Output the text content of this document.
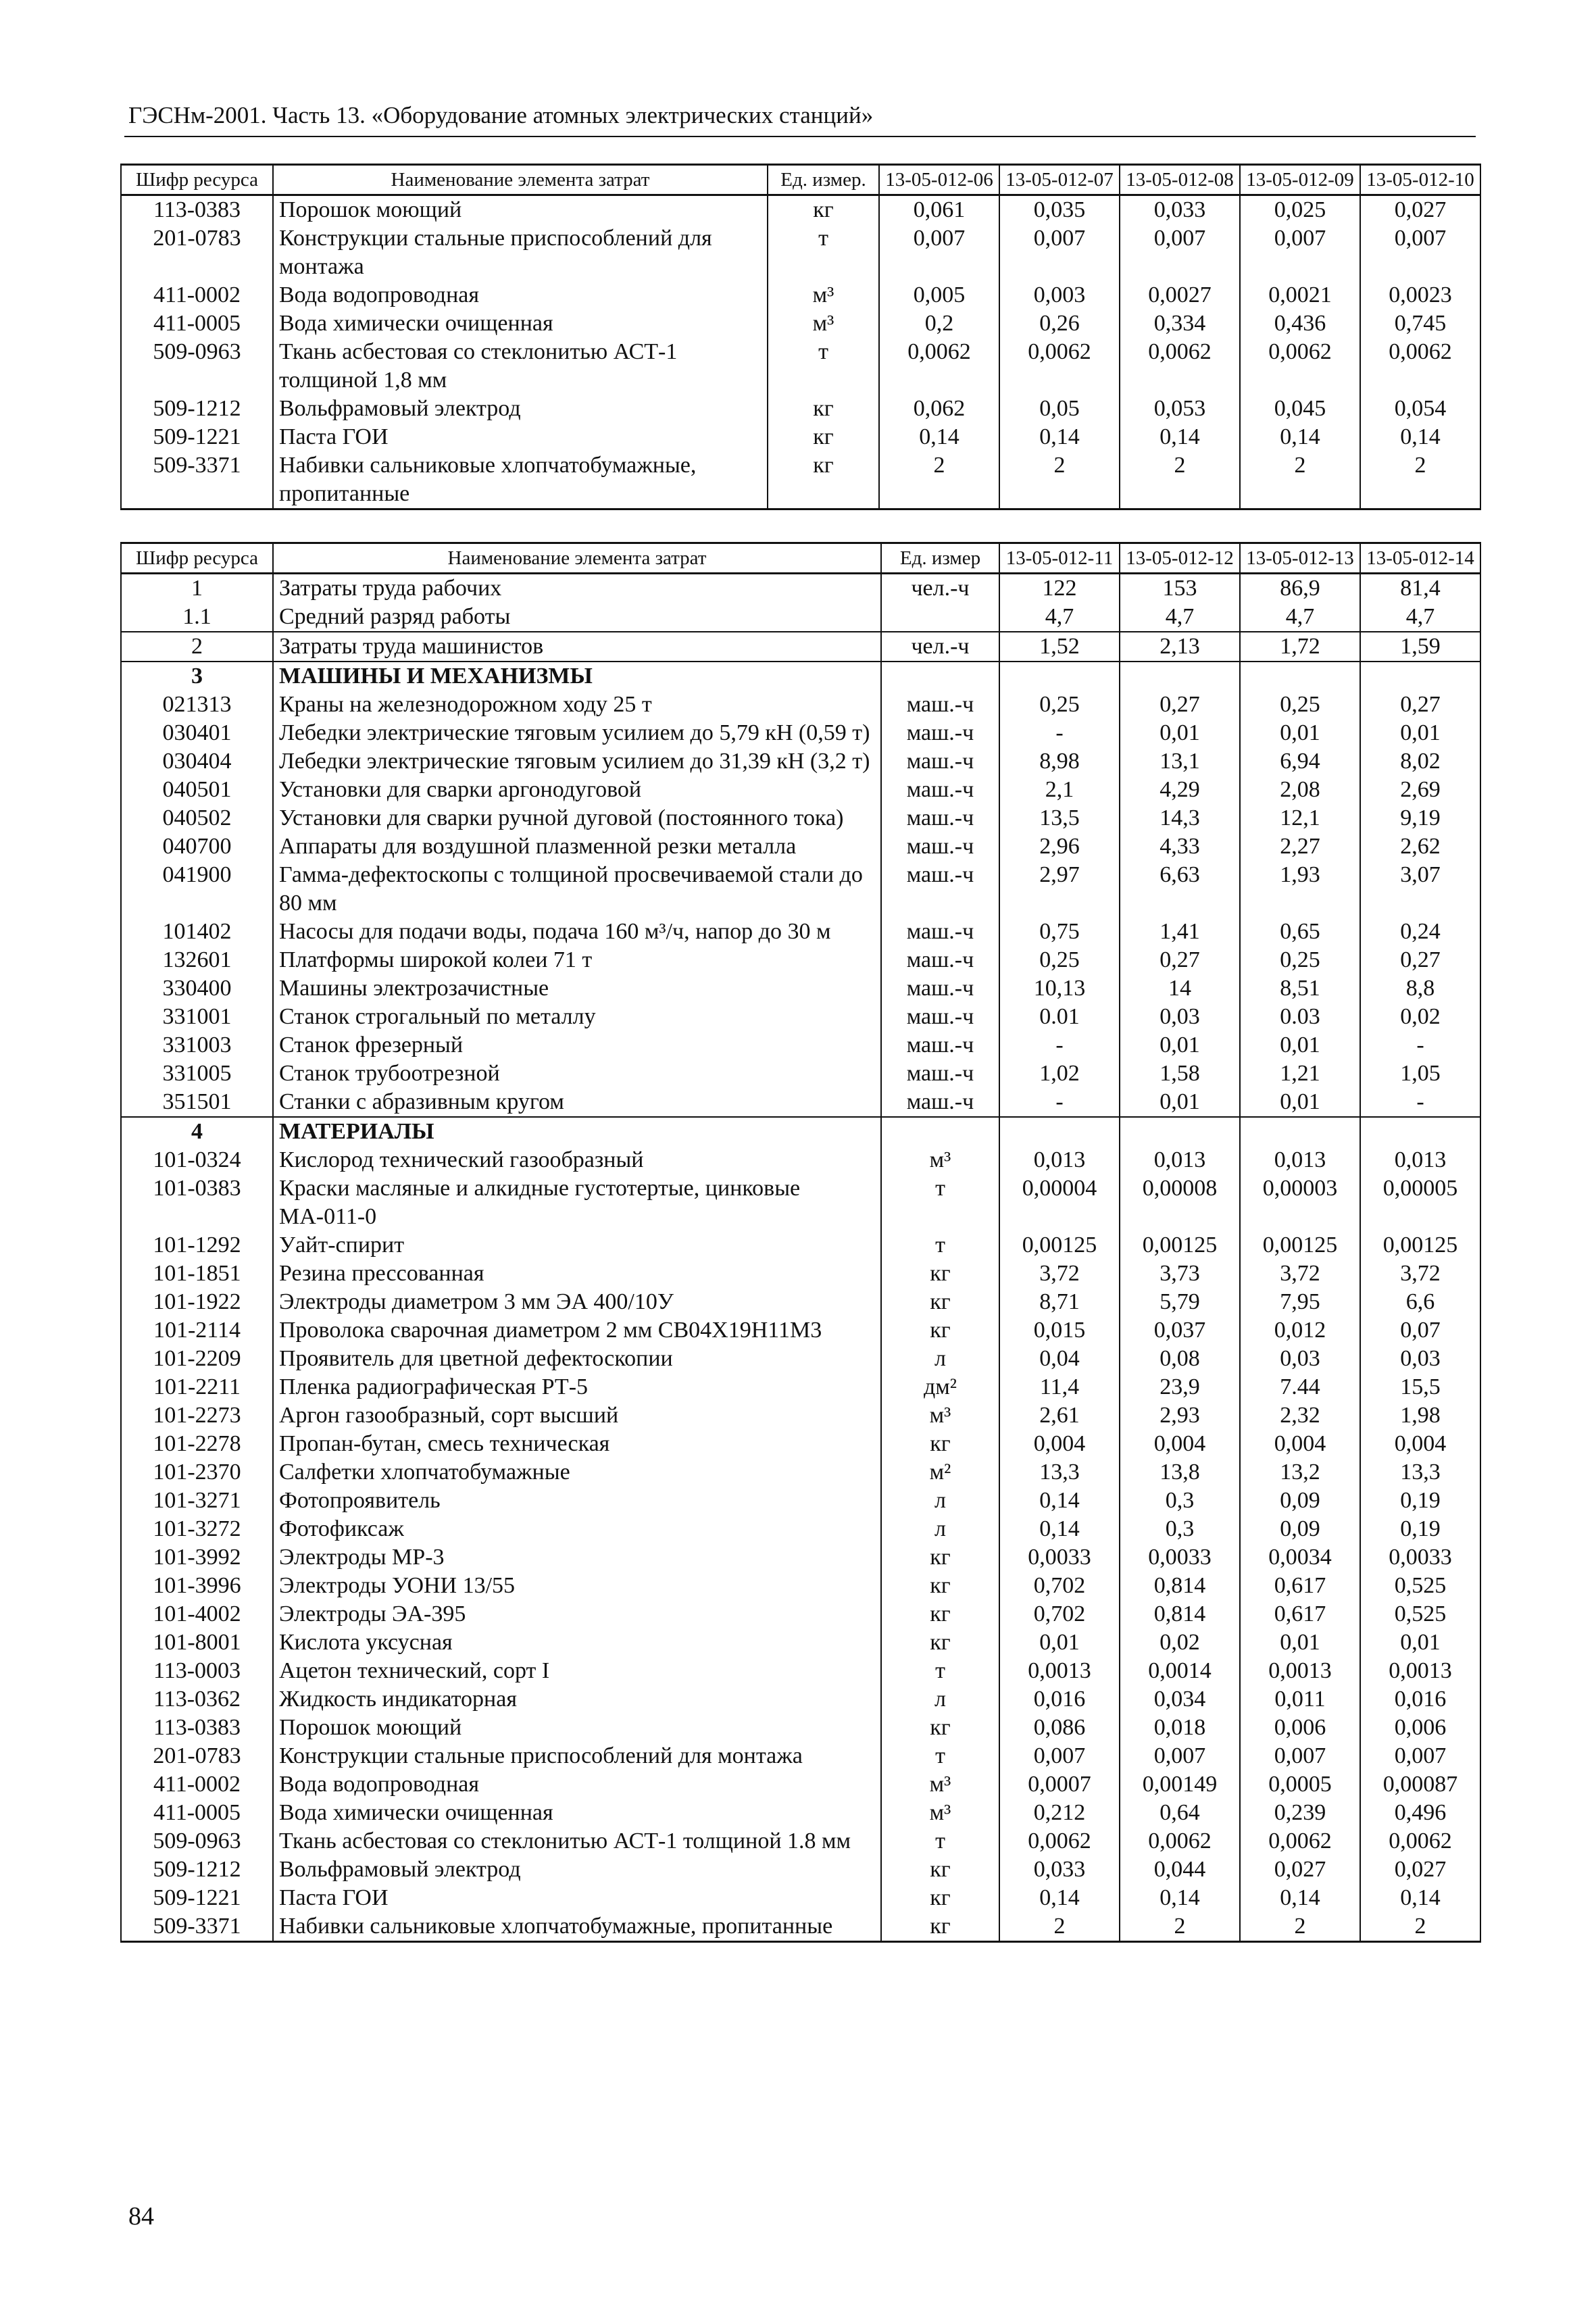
ГЭСНм-2001. Часть 13. «Оборудование атомных электрических станций»
Шифр ресурса	Наименование элемента затрат	Ед. измер.	13-05-012-06	13-05-012-07	13-05-012-08	13-05-012-09	13-05-012-10
113-0383	Порошок моющий	кг	0,061	0,035	0,033	0,025	0,027
201-0783	Конструкции стальные приспособлений для монтажа	т	0,007	0,007	0,007	0,007	0,007
411-0002	Вода водопроводная	м³	0,005	0,003	0,0027	0,0021	0,0023
411-0005	Вода химически очищенная	м³	0,2	0,26	0,334	0,436	0,745
509-0963	Ткань асбестовая со стеклонитью АСТ-1 толщиной 1,8 мм	т	0,0062	0,0062	0,0062	0,0062	0,0062
509-1212	Вольфрамовый электрод	кг	0,062	0,05	0,053	0,045	0,054
509-1221	Паста ГОИ	кг	0,14	0,14	0,14	0,14	0,14
509-3371	Набивки сальниковые хлопчатобумажные, пропитанные	кг	2	2	2	2	2
Шифр ресурса	Наименование элемента затрат	Ед. измер	13-05-012-11	13-05-012-12	13-05-012-13	13-05-012-14
1	Затраты труда рабочих	чел.-ч	122	153	86,9	81,4
1.1	Средний разряд работы		4,7	4,7	4,7	4,7
2	Затраты труда машинистов	чел.-ч	1,52	2,13	1,72	1,59
3	МАШИНЫ И МЕХАНИЗМЫ					
021313	Краны на железнодорожном ходу 25 т	маш.-ч	0,25	0,27	0,25	0,27
030401	Лебедки электрические тяговым усилием до 5,79 кН (0,59 т)	маш.-ч	-	0,01	0,01	0,01
030404	Лебедки электрические тяговым усилием до 31,39 кН (3,2 т)	маш.-ч	8,98	13,1	6,94	8,02
040501	Установки для сварки аргонодуговой	маш.-ч	2,1	4,29	2,08	2,69
040502	Установки для сварки ручной дуговой (постоянного тока)	маш.-ч	13,5	14,3	12,1	9,19
040700	Аппараты для воздушной плазменной резки металла	маш.-ч	2,96	4,33	2,27	2,62
041900	Гамма-дефектоскопы с толщиной просвечиваемой стали до 80 мм	маш.-ч	2,97	6,63	1,93	3,07
101402	Насосы для подачи воды, подача 160 м³/ч, напор до 30 м	маш.-ч	0,75	1,41	0,65	0,24
132601	Платформы широкой колеи 71 т	маш.-ч	0,25	0,27	0,25	0,27
330400	Машины электрозачистные	маш.-ч	10,13	14	8,51	8,8
331001	Станок строгальный по металлу	маш.-ч	0.01	0,03	0.03	0,02
331003	Станок фрезерный	маш.-ч	-	0,01	0,01	-
331005	Станок трубоотрезной	маш.-ч	1,02	1,58	1,21	1,05
351501	Станки с абразивным кругом	маш.-ч	-	0,01	0,01	-
4	МАТЕРИАЛЫ					
101-0324	Кислород технический газообразный	м³	0,013	0,013	0,013	0,013
101-0383	Краски масляные и алкидные густотертые, цинковые МА-011-0	т	0,00004	0,00008	0,00003	0,00005
101-1292	Уайт-спирит	т	0,00125	0,00125	0,00125	0,00125
101-1851	Резина прессованная	кг	3,72	3,73	3,72	3,72
101-1922	Электроды диаметром 3 мм ЭА 400/10У	кг	8,71	5,79	7,95	6,6
101-2114	Проволока сварочная диаметром 2 мм СВ04Х19Н11М3	кг	0,015	0,037	0,012	0,07
101-2209	Проявитель для цветной дефектоскопии	л	0,04	0,08	0,03	0,03
101-2211	Пленка радиографическая РТ-5	дм²	11,4	23,9	7.44	15,5
101-2273	Аргон газообразный, сорт высший	м³	2,61	2,93	2,32	1,98
101-2278	Пропан-бутан, смесь техническая	кг	0,004	0,004	0,004	0,004
101-2370	Салфетки хлопчатобумажные	м²	13,3	13,8	13,2	13,3
101-3271	Фотопроявитель	л	0,14	0,3	0,09	0,19
101-3272	Фотофиксаж	л	0,14	0,3	0,09	0,19
101-3992	Электроды МР-3	кг	0,0033	0,0033	0,0034	0,0033
101-3996	Электроды УОНИ 13/55	кг	0,702	0,814	0,617	0,525
101-4002	Электроды ЭА-395	кг	0,702	0,814	0,617	0,525
101-8001	Кислота уксусная	кг	0,01	0,02	0,01	0,01
113-0003	Ацетон технический, сорт I	т	0,0013	0,0014	0,0013	0,0013
113-0362	Жидкость индикаторная	л	0,016	0,034	0,011	0,016
113-0383	Порошок моющий	кг	0,086	0,018	0,006	0,006
201-0783	Конструкции стальные приспособлений для монтажа	т	0,007	0,007	0,007	0,007
411-0002	Вода водопроводная	м³	0,0007	0,00149	0,0005	0,00087
411-0005	Вода химически очищенная	м³	0,212	0,64	0,239	0,496
509-0963	Ткань асбестовая со стеклонитью АСТ-1 толщиной 1.8 мм	т	0,0062	0,0062	0,0062	0,0062
509-1212	Вольфрамовый электрод	кг	0,033	0,044	0,027	0,027
509-1221	Паста ГОИ	кг	0,14	0,14	0,14	0,14
509-3371	Набивки сальниковые хлопчатобумажные, пропитанные	кг	2	2	2	2
84
